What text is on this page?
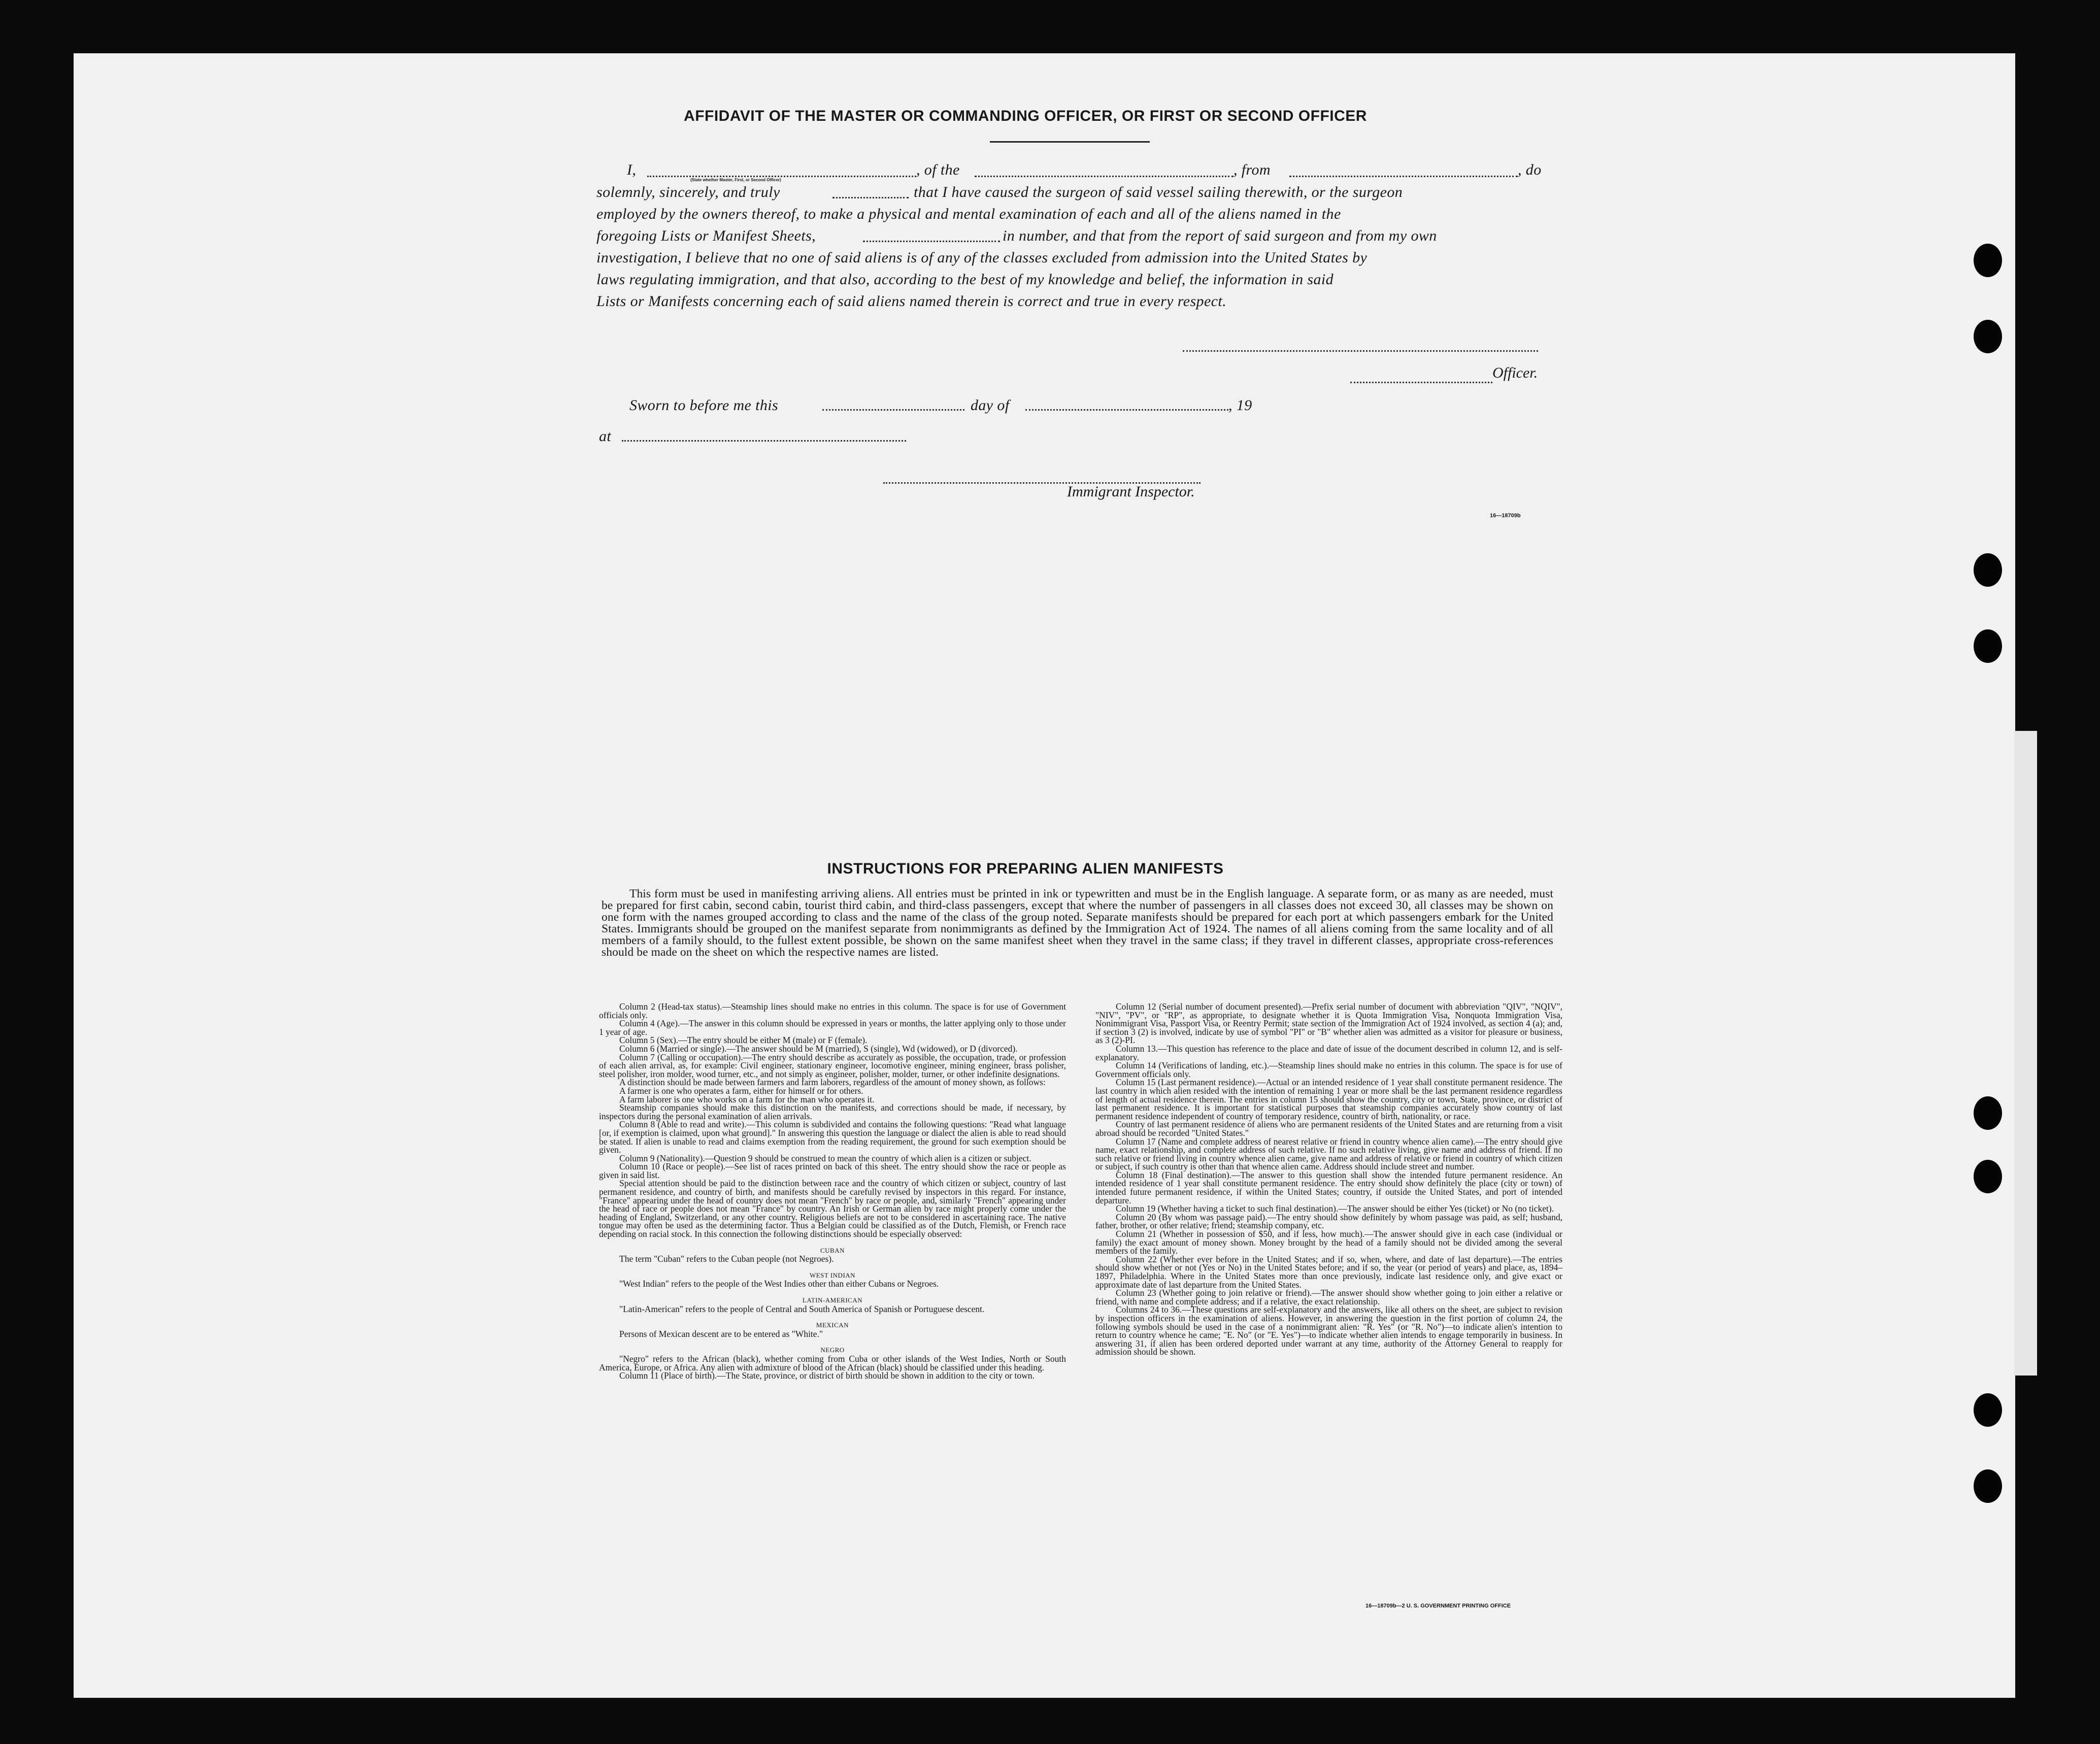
AFFIDAVIT OF THE MASTER OR COMMANDING OFFICER, OR FIRST OR SECOND OFFICER
I,
(State whether Master, First, or Second Officer)
, of the	, from	, do
solemnly, sincerely, and truly	that I have caused the surgeon of said vessel sailing therewith, or the surgeon
employed by the owners thereof, to make a physical and mental examination of each and all of the aliens named in the
foregoing Lists or Manifest Sheets,	in number, and that from the report of said surgeon and from my own
investigation, I believe that no one of said aliens is of any of the classes excluded from admission into the United States by
laws regulating immigration, and that also, according to the best of my knowledge and belief, the information in said
Lists or Manifests concerning each of said aliens named therein is correct and true in every respect.
Officer.
Sworn to before me this	day of	, 19
at
Immigrant Inspector.
16—18709b
INSTRUCTIONS FOR PREPARING ALIEN MANIFESTS

This form must be used in manifesting arriving aliens. All entries must be printed in ink or typewritten and must be in the English language. A separate form, or as many as are needed, must be prepared for first cabin, second cabin, tourist third cabin, and third-class passengers, except that where the number of passengers in all classes does not exceed 30, all classes may be shown on one form with the names grouped according to class and the name of the class of the group noted. Separate manifests should be prepared for each port at which passengers embark for the United States. Immigrants should be grouped on the manifest separate from nonimmigrants as defined by the Immigration Act of 1924. The names of all aliens coming from the same locality and of all members of a family should, to the fullest extent possible, be shown on the same manifest sheet when they travel in the same class; if they travel in different classes, appropriate cross-references should be made on the sheet on which the respective names are listed.

Column 2 (Head-tax status).—Steamship lines should make no entries in this column. The space is for use of Government officials only.

Column 4 (Age).—The answer in this column should be expressed in years or months, the latter applying only to those under 1 year of age.

Column 5 (Sex).—The entry should be either M (male) or F (female).

Column 6 (Married or single).—The answer should be M (married), S (single), Wd (widowed), or D (divorced).

Column 7 (Calling or occupation).—The entry should describe as accurately as possible, the occupation, trade, or profession of each alien arrival, as, for example: Civil engineer, stationary engineer, locomotive engineer, mining engineer, brass polisher, steel polisher, iron molder, wood turner, etc., and not simply as engineer, polisher, molder, turner, or other indefinite designations.

A distinction should be made between farmers and farm laborers, regardless of the amount of money shown, as follows:

A farmer is one who operates a farm, either for himself or for others.

A farm laborer is one who works on a farm for the man who operates it.

Steamship companies should make this distinction on the manifests, and corrections should be made, if necessary, by inspectors during the personal examination of alien arrivals.

Column 8 (Able to read and write).—This column is subdivided and contains the following questions: "Read what language [or, if exemption is claimed, upon what ground]." In answering this question the language or dialect the alien is able to read should be stated. If alien is unable to read and claims exemption from the reading requirement, the ground for such exemption should be given.

Column 9 (Nationality).—Question 9 should be construed to mean the country of which alien is a citizen or subject.

Column 10 (Race or people).—See list of races printed on back of this sheet. The entry should show the race or people as given in said list.

Special attention should be paid to the distinction between race and the country of which citizen or subject, country of last permanent residence, and country of birth, and manifests should be carefully revised by inspectors in this regard. For instance, "France" appearing under the head of country does not mean "French" by race or people, and, similarly "French" appearing under the head of race or people does not mean "France" by country. An Irish or German alien by race might properly come under the heading of England, Switzerland, or any other country. Religious beliefs are not to be considered in ascertaining race. The native tongue may often be used as the determining factor. Thus a Belgian could be classified as of the Dutch, Flemish, or French race depending on racial stock. In this connection the following distinctions should be especially observed:

CUBAN

The term "Cuban" refers to the Cuban people (not Negroes).

WEST INDIAN

"West Indian" refers to the people of the West Indies other than either Cubans or Negroes.

LATIN-AMERICAN

"Latin-American" refers to the people of Central and South America of Spanish or Portuguese descent.

MEXICAN

Persons of Mexican descent are to be entered as "White."

NEGRO

"Negro" refers to the African (black), whether coming from Cuba or other islands of the West Indies, North or South America, Europe, or Africa. Any alien with admixture of blood of the African (black) should be classified under this heading.

Column 11 (Place of birth).—The State, province, or district of birth should be shown in addition to the city or town.

Column 12 (Serial number of document presented).—Prefix serial number of document with abbreviation "QIV", "NQIV", "NIV", "PV", or "RP", as appropriate, to designate whether it is Quota Immigration Visa, Nonquota Immigration Visa, Nonimmigrant Visa, Passport Visa, or Reentry Permit; state section of the Immigration Act of 1924 involved, as section 4 (a); and, if section 3 (2) is involved, indicate by use of symbol "PI" or "B" whether alien was admitted as a visitor for pleasure or business, as 3 (2)-PI.

Column 13.—This question has reference to the place and date of issue of the document described in column 12, and is self-explanatory.

Column 14 (Verifications of landing, etc.).—Steamship lines should make no entries in this column. The space is for use of Government officials only.

Column 15 (Last permanent residence).—Actual or an intended residence of 1 year shall constitute permanent residence. The last country in which alien resided with the intention of remaining 1 year or more shall be the last permanent residence regardless of length of actual residence therein. The entries in column 15 should show the country, city or town, State, province, or district of last permanent residence. It is important for statistical purposes that steamship companies accurately show country of last permanent residence independent of country of temporary residence, country of birth, nationality, or race.

Country of last permanent residence of aliens who are permanent residents of the United States and are returning from a visit abroad should be recorded "United States."

Column 17 (Name and complete address of nearest relative or friend in country whence alien came).—The entry should give name, exact relationship, and complete address of such relative. If no such relative living, give name and address of friend. If no such relative or friend living in country whence alien came, give name and address of relative or friend in country of which citizen or subject, if such country is other than that whence alien came. Address should include street and number.

Column 18 (Final destination).—The answer to this question shall show the intended future permanent residence. An intended residence of 1 year shall constitute permanent residence. The entry should show definitely the place (city or town) of intended future permanent residence, if within the United States; country, if outside the United States, and port of intended departure.

Column 19 (Whether having a ticket to such final destination).—The answer should be either Yes (ticket) or No (no ticket).

Column 20 (By whom was passage paid).—The entry should show definitely by whom passage was paid, as self; husband, father, brother, or other relative; friend; steamship company, etc.

Column 21 (Whether in possession of $50, and if less, how much).—The answer should give in each case (individual or family) the exact amount of money shown. Money brought by the head of a family should not be divided among the several members of the family.

Column 22 (Whether ever before in the United States; and if so, when, where, and date of last departure).—The entries should show whether or not (Yes or No) in the United States before; and if so, the year (or period of years) and place, as, 1894–1897, Philadelphia. Where in the United States more than once previously, indicate last residence only, and give exact or approximate date of last departure from the United States.

Column 23 (Whether going to join relative or friend).—The answer should show whether going to join either a relative or friend, with name and complete address; and if a relative, the exact relationship.

Columns 24 to 36.—These questions are self-explanatory and the answers, like all others on the sheet, are subject to revision by inspection officers in the examination of aliens. However, in answering the question in the first portion of column 24, the following symbols should be used in the case of a nonimmigrant alien: "R. Yes" (or "R. No")—to indicate alien's intention to return to country whence he came; "E. No" (or "E. Yes")—to indicate whether alien intends to engage temporarily in business. In answering 31, if alien has been ordered deported under warrant at any time, authority of the Attorney General to reapply for admission should be shown.

16—18709b—2 U. S. GOVERNMENT PRINTING OFFICE
